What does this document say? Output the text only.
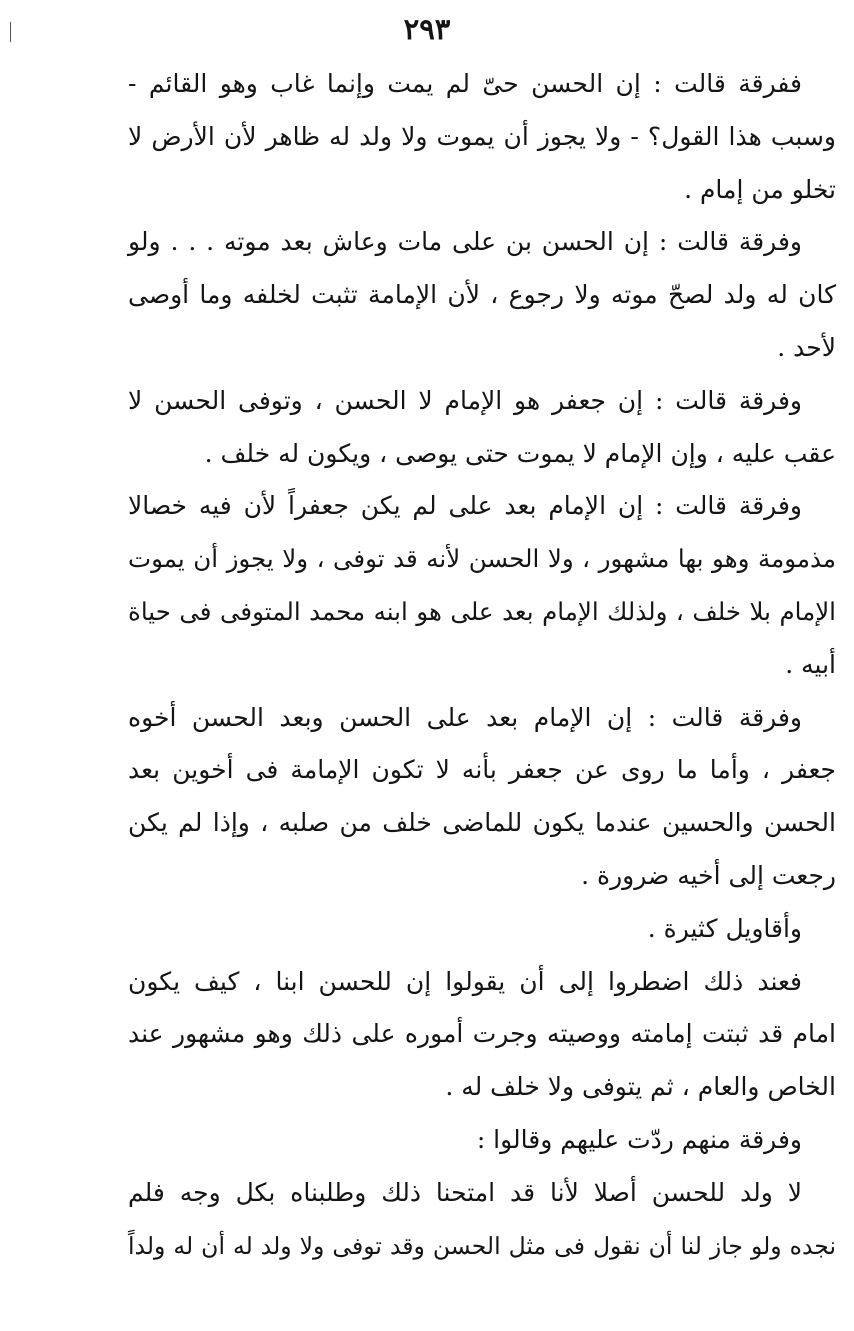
٢٩٣
ففرقة قالت : إن الحسن حىّ لم يمت وإنما غاب وهو القائم -
وسبب هذا القول؟ - ولا يجوز أن يموت ولا ولد له ظاهر لأن الأرض لا
تخلو من إمام .
وفرقة قالت : إن الحسن بن على مات وعاش بعد موته . . . ولو
كان له ولد لصحّ موته ولا رجوع ، لأن الإمامة تثبت لخلفه وما أوصى
لأحد .
وفرقة قالت : إن جعفر هو الإمام لا الحسن ، وتوفى الحسن لا
عقب عليه ، وإن الإمام لا يموت حتى يوصى ، ويكون له خلف .
وفرقة قالت : إن الإمام بعد على لم يكن جعفراً لأن فيه خصالا
مذمومة وهو بها مشهور ، ولا الحسن لأنه قد توفى ، ولا يجوز أن يموت
الإمام بلا خلف ، ولذلك الإمام بعد على هو ابنه محمد المتوفى فى حياة
أبيه .
وفرقة قالت : إن الإمام بعد على الحسن وبعد الحسن أخوه
جعفر ، وأما ما روى عن جعفر بأنه لا تكون الإمامة فى أخوين بعد
الحسن والحسين عندما يكون للماضى خلف من صلبه ، وإذا لم يكن
رجعت إلى أخيه ضرورة .
وأقاويل كثيرة .
فعند ذلك اضطروا إلى أن يقولوا إن للحسن ابنا ، كيف يكون
امام قد ثبتت إمامته ووصيته وجرت أموره على ذلك وهو مشهور عند
الخاص والعام ، ثم يتوفى ولا خلف له .
وفرقة منهم ردّت عليهم وقالوا :
لا ولد للحسن أصلا لأنا قد امتحنا ذلك وطلبناه بكل وجه فلم
نجده ولو جاز لنا أن نقول فى مثل الحسن وقد توفى ولا ولد له أن له ولداً
